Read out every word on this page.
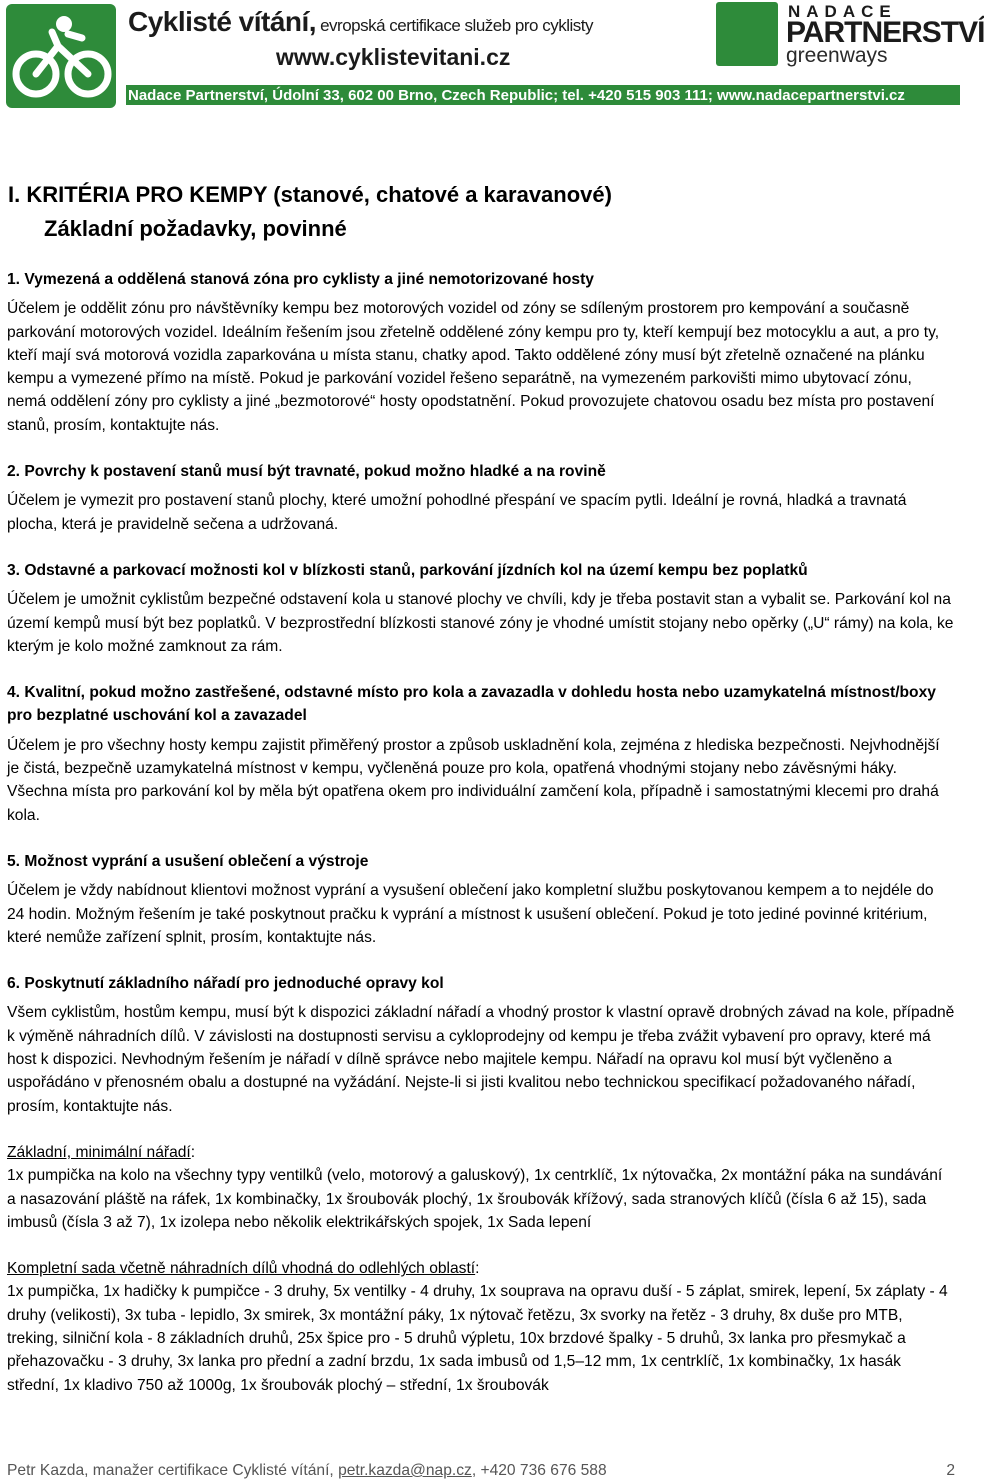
Cyklisté vítání, evropská certifikace služeb pro cyklisty
www.cyklistevitani.cz
NADACE
PARTNERSTVÍ
greenways
Nadace Partnerství, Údolní 33, 602 00 Brno, Czech Republic; tel. +420 515 903 111; www.nadacepartnerstvi.cz
I. KRITÉRIA PRO KEMPY (stanové, chatové a karavanové)
Základní požadavky, povinné
1. Vymezená a oddělená stanová zóna pro cyklisty a jiné nemotorizované hosty

Účelem je oddělit zónu pro návštěvníky kempu bez motorových vozidel od zóny se sdíleným prostorem pro kempování a současně parkování motorových vozidel. Ideálním řešením jsou zřetelně oddělené zóny kempu pro ty, kteří kempují bez motocyklu a aut, a pro ty, kteří mají svá motorová vozidla zaparkována u místa stanu, chatky apod. Takto oddělené zóny musí být zřetelně označené na plánku kempu a vymezené přímo na místě. Pokud je parkování vozidel řešeno separátně, na vymezeném parkovišti mimo ubytovací zónu, nemá oddělení zóny pro cyklisty a jiné „bezmotorové“ hosty opodstatnění. Pokud provozujete chatovou osadu bez místa pro postavení stanů, prosím, kontaktujte nás.

2. Povrchy k postavení stanů musí být travnaté, pokud možno hladké a na rovině

Účelem je vymezit pro postavení stanů plochy, které umožní pohodlné přespání ve spacím pytli. Ideální je rovná, hladká a travnatá plocha, která je pravidelně sečena a udržovaná.

3. Odstavné a parkovací možnosti kol v blízkosti stanů, parkování jízdních kol na území kempu bez poplatků

Účelem je umožnit cyklistům bezpečné odstavení kola u stanové plochy ve chvíli, kdy je třeba postavit stan a vybalit se. Parkování kol na území kempů musí být bez poplatků. V bezprostřední blízkosti stanové zóny je vhodné umístit stojany nebo opěrky („U“ rámy) na kola, ke kterým je kolo možné zamknout za rám.

4. Kvalitní, pokud možno zastřešené, odstavné místo pro kola a zavazadla v dohledu hosta nebo uzamykatelná místnost/boxy pro bezplatné uschování kol a zavazadel

Účelem je pro všechny hosty kempu zajistit přiměřený prostor a způsob uskladnění kola, zejména z hlediska bezpečnosti. Nejvhodnější je čistá, bezpečně uzamykatelná místnost v kempu, vyčleněná pouze pro kola, opatřená vhodnými stojany nebo závěsnými háky. Všechna místa pro parkování kol by měla být opatřena okem pro individuální zamčení kola, případně i samostatnými klecemi pro drahá kola.

5. Možnost vyprání a usušení oblečení a výstroje

Účelem je vždy nabídnout klientovi možnost vyprání a vysušení oblečení jako kompletní službu poskytovanou kempem a to nejdéle do 24 hodin. Možným řešením je také poskytnout pračku k vyprání a místnost k usušení oblečení. Pokud je toto jediné povinné kritérium, které nemůže zařízení splnit, prosím, kontaktujte nás.

6. Poskytnutí základního nářadí pro jednoduché opravy kol

Všem cyklistům, hostům kempu, musí být k dispozici základní nářadí a vhodný prostor k vlastní opravě drobných závad na kole, případně k výměně náhradních dílů. V závislosti na dostupnosti servisu a cykloprodejny od kempu je třeba zvážit vybavení pro opravy, které má host k dispozici. Nevhodným řešením je nářadí v dílně správce nebo majitele kempu. Nářadí na opravu kol musí být vyčleněno a uspořádáno v přenosném obalu a dostupné na vyžádání. Nejste-li si jisti kvalitou nebo technickou specifikací požadovaného nářadí, prosím, kontaktujte nás.

Základní, minimální nářadí:

1x pumpička na kolo na všechny typy ventilků (velo, motorový a galuskový), 1x centrklíč, 1x nýtovačka, 2x montážní páka na sundávání a nasazování pláště na ráfek, 1x kombinačky, 1x šroubovák plochý, 1x šroubovák křížový, sada stranových klíčů (čísla 6 až 15), sada imbusů (čísla 3 až 7), 1x izolepa nebo několik elektrikářských spojek, 1x Sada lepení

Kompletní sada včetně náhradních dílů vhodná do odlehlých oblastí:

1x pumpička, 1x hadičky k pumpičce - 3 druhy, 5x ventilky - 4 druhy, 1x souprava na opravu duší - 5 záplat, smirek, lepení, 5x záplaty - 4 druhy (velikosti), 3x tuba - lepidlo, 3x smirek, 3x montážní páky, 1x nýtovač řetězu, 3x svorky na řetěz - 3 druhy, 8x duše pro MTB, treking, silniční kola - 8 základních druhů, 25x špice pro - 5 druhů výpletu, 10x brzdové špalky - 5 druhů, 3x lanka pro přesmykač a přehazovačku - 3 druhy, 3x lanka pro přední a zadní brzdu, 1x sada imbusů od 1,5–12 mm, 1x centrklíč, 1x kombinačky, 1x hasák střední, 1x kladivo 750 až 1000g, 1x šroubovák plochý – střední, 1x šroubovák

Petr Kazda, manažer certifikace Cyklisté vítání, petr.kazda@nap.cz, +420 736 676 588	2
